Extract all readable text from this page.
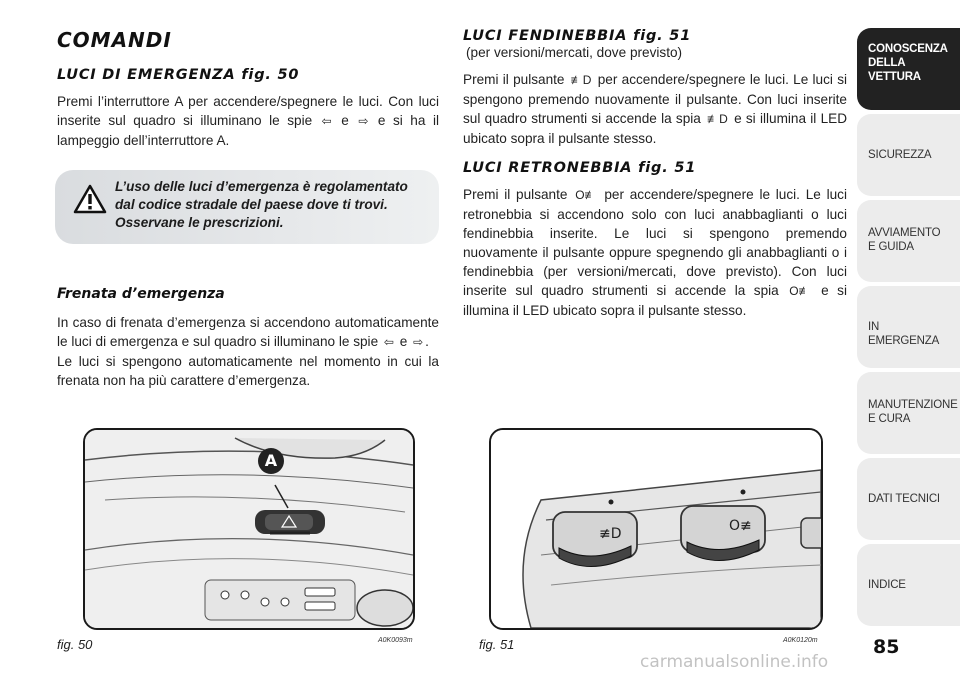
COMANDI
LUCI DI EMERGENZA fig. 50

Premi l’interruttore A per accendere/spegnere le luci. Con luci inserite sul quadro si illuminano le spie ⇦ e ⇨ e si ha il lampeggio dell’interruttore A.

L’uso delle luci d’emergenza è regolamentato dal codice stradale del paese dove ti trovi. Osservane le prescrizioni.
Frenata d’emergenza

In caso di frenata d’emergenza si accendono automaticamente le luci di emergenza e sul quadro si illuminano le spie ⇦ e ⇨ .

Le luci si spengono automaticamente nel momento in cui la frenata non ha più carattere d’emergenza.

LUCI FENDINEBBIA fig. 51
(per versioni/mercati, dove previsto)

Premi il pulsante ≢D per accendere/spegnere le luci. Le luci si spengono premendo nuovamente il pulsante. Con luci inserite sul quadro strumenti si accende la spia ≢D e si illumina il LED ubicato sopra il pulsante stesso.

LUCI RETRONEBBIA fig. 51

Premi il pulsante O≢ per accendere/spegnere le luci. Le luci retronebbia si accendono solo con luci anabbaglianti o luci fendinebbia inserite. Le luci si spengono premendo nuovamente il pulsante oppure spegnendo gli anabbaglianti o i fendinebbia (per versioni/mercati, dove previsto). Con luci inserite sul quadro strumenti si accende la spia O≢ e si illumina il LED ubicato sopra il pulsante stesso.

A
fig. 50	A0K0093m
≢D	O≢
fig. 51	A0K0120m
CONOSCENZA DELLA VETTURA
SICUREZZA
AVVIAMENTO E GUIDA
IN EMERGENZA
MANUTENZIONE E CURA
DATI TECNICI
INDICE
85
carmanualsonline.info
